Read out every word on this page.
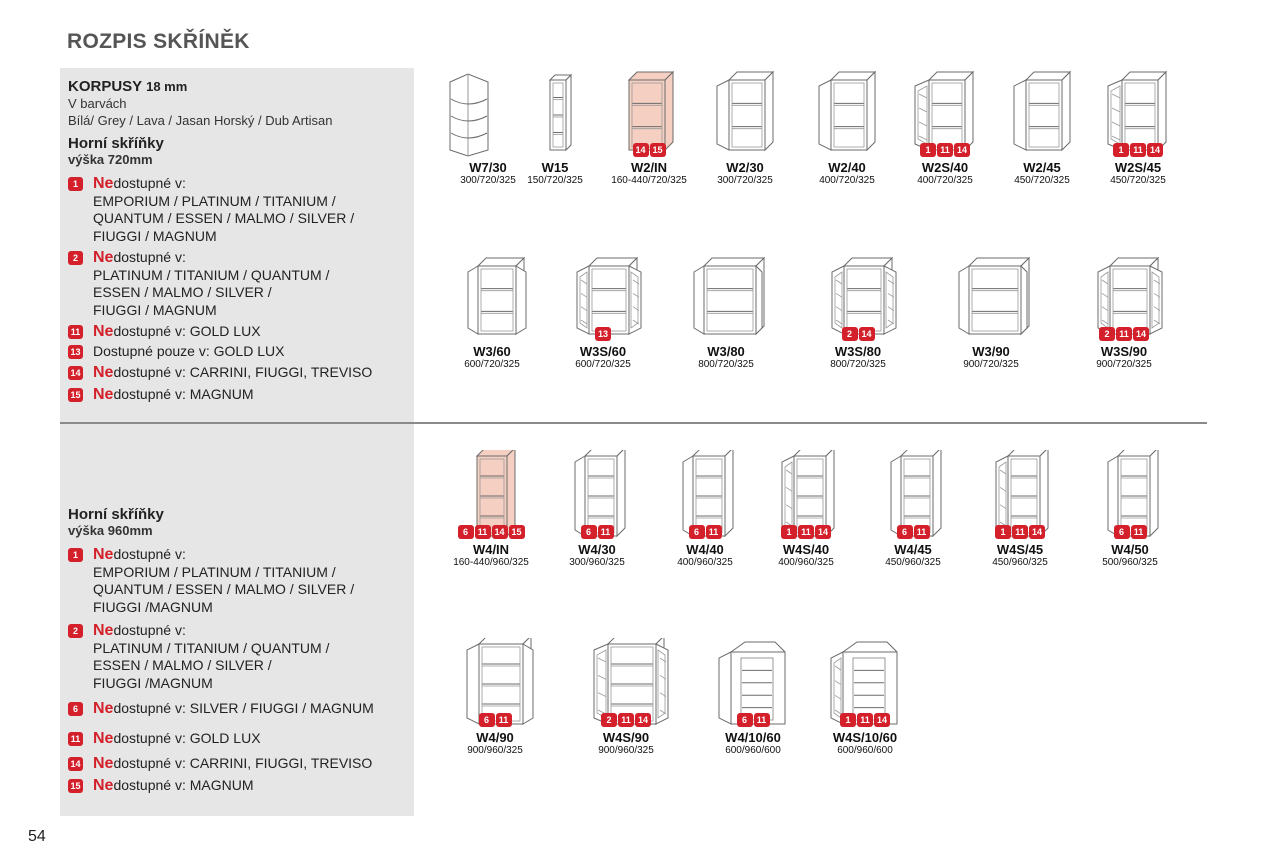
ROZPIS SKŘÍNĚK
KORPUSY 18 mm
V barvách
Bílá/ Grey / Lava / Jasan Horský / Dub Artisan
Horní skříňky
výška 720mm
1 Nedostupné v:
EMPORIUM / PLATINUM / TITANIUM /
QUANTUM / ESSEN / MALMO / SILVER /
FIUGGI / MAGNUM
2 Nedostupné v:
PLATINUM / TITANIUM / QUANTUM /
ESSEN / MALMO / SILVER /
FIUGGI / MAGNUM
11 Nedostupné v: GOLD LUX
13 Dostupné pouze v: GOLD LUX
14 Nedostupné v: CARRINI, FIUGGI, TREVISO
15 Nedostupné v: MAGNUM
Horní skříňky
výška 960mm
1 Nedostupné v:
EMPORIUM / PLATINUM / TITANIUM /
QUANTUM / ESSEN / MALMO / SILVER /
FIUGGI /MAGNUM
2 Nedostupné v:
PLATINUM / TITANIUM / QUANTUM /
ESSEN / MALMO / SILVER /
FIUGGI /MAGNUM
6 Nedostupné v: SILVER / FIUGGI / MAGNUM
11 Nedostupné v: GOLD LUX
14 Nedostupné v: CARRINI, FIUGGI, TREVISO
15 Nedostupné v: MAGNUM
W7/30
300/720/325
W15
150/720/325
14 15
W2/IN
160-440/720/325
W2/30
300/720/325
W2/40
400/720/325
1	11 14
W2S/40
400/720/325
W2/45
450/720/325
1	11 14
W2S/45
450/720/325
W3/60
600/720/325
13
W3S/60
600/720/325
W3/80
800/720/325
2	14
W3S/80
800/720/325
W3/90
900/720/325
2	11 14
W3S/90
900/720/325
6	11 14 15
W4/IN
160-440/960/325
6	11
W4/30
300/960/325
6	11
W4/40
400/960/325
1	11 14
W4S/40
400/960/325
6	11
W4/45
450/960/325
1	11 14
W4S/45
450/960/325
6	11
W4/50
500/960/325
6	11
W4/90
900/960/325
2	11 14
W4S/90
900/960/325
6	11
W4/10/60
600/960/600
1	11 14
W4S/10/60
600/960/600
54
